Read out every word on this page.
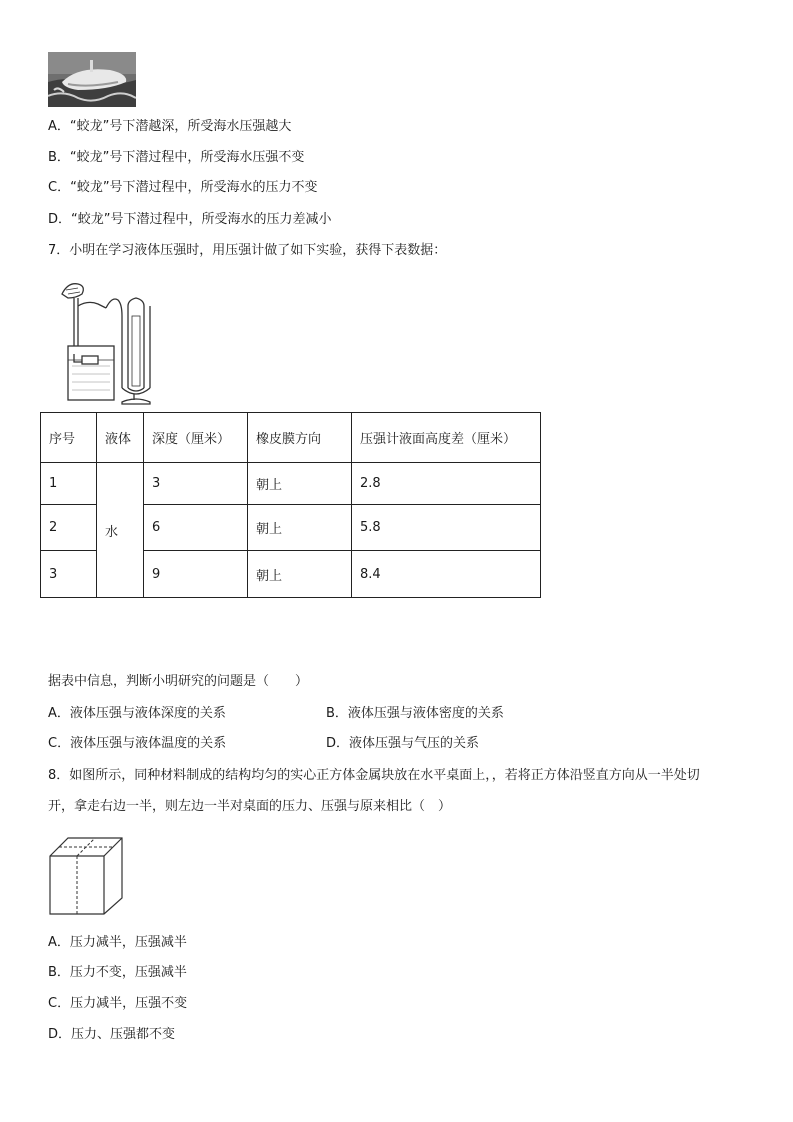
A．“蛟龙”号下潜越深，所受海水压强越大
B．“蛟龙”号下潜过程中，所受海水压强不变
C．“蛟龙”号下潜过程中，所受海水的压力不变
D．“蛟龙”号下潜过程中，所受海水的压力差减小
7．小明在学习液体压强时，用压强计做了如下实验，获得下表数据：
序号	液体	深度（厘米）	橡皮膜方向	压强计液面高度差（厘米）
1	水	3	朝上	2.8
2		6	朝上	5.8
3		9	朝上	8.4
据表中信息，判断小明研究的问题是（　　）
A．液体压强与液体深度的关系	B．液体压强与液体密度的关系
C．液体压强与液体温度的关系	D．液体压强与气压的关系
8．如图所示，同种材料制成的结构均匀的实心正方体金属块放在水平桌面上，，若将正方体沿竖直方向从一半处切
开，拿走右边一半，则左边一半对桌面的压力、压强与原来相比（　）
A．压力减半，压强减半
B．压力不变，压强减半
C．压力减半，压强不变
D．压力、压强都不变
